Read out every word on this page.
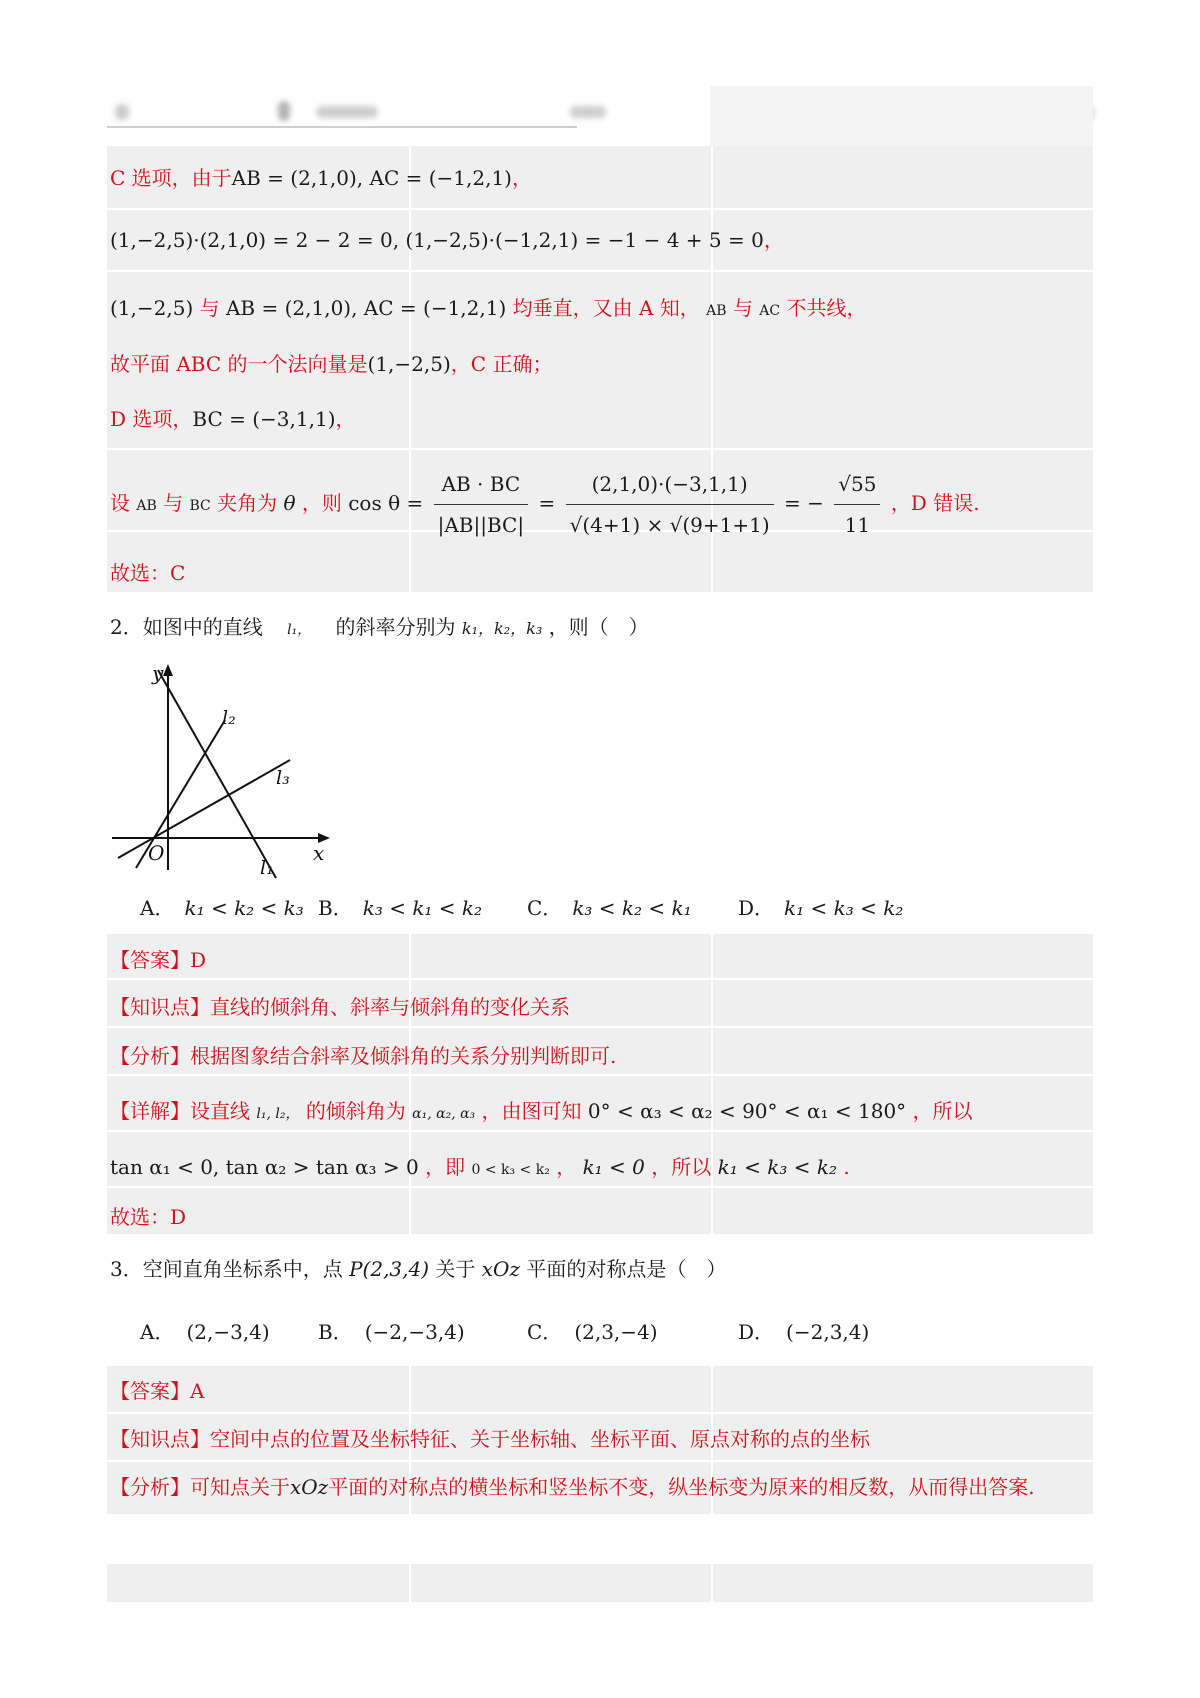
C 选项，由于AB = (2,1,0), AC = (−1,2,1)，
(1,−2,5)·(2,1,0) = 2 − 2 = 0, (1,−2,5)·(−1,2,1) = −1 − 4 + 5 = 0，
(1,−2,5) 与 AB = (2,1,0), AC = (−1,2,1) 均垂直，又由 A 知， AB 与 AC 不共线，
故平面 ABC 的一个法向量是(1,−2,5)，C 正确；
D 选项，BC = (−3,1,1)，
设 AB 与 BC 夹角为 θ ，则 $\cos \theta = \frac{AB \cdot BC}{|AB||BC|} = \frac{(2,1,0)\cdot(-3,1,1)}{√(4+1) \times √(9+1+1)}$ = − $\frac{√55}{11}$ ，D 错误.
故选：C
2．如图中的直线 l₁， 的斜率分别为 k₁，k₂，k₃ ，则（　）
y
x
O
l₁
l₂
l₃
A． k₁ < k₂ < k₃ B． k₃ < k₁ < k₂ C． k₃ < k₂ < k₁ D． k₁ < k₃ < k₂
【答案】D
【知识点】直线的倾斜角、斜率与倾斜角的变化关系
【分析】根据图象结合斜率及倾斜角的关系分别判断即可.
【详解】设直线 l₁, l₂， 的倾斜角为 α₁, α₂, α₃ ，由图可知 0° < α₃ < α₂ < 90° < α₁ < 180° ，所以
tan α₁ < 0, tan α₂ > tan α₃ > 0 ，即 0 < k₃ < k₂ ， k₁ < 0 ，所以 k₁ < k₃ < k₂ .
故选：D
3．空间直角坐标系中，点 P(2,3,4) 关于 xOz 平面的对称点是（　）
A． (2,−3,4) B． (−2,−3,4)	C． (2,3,−4)	D． (−2,3,4)
【答案】A
【知识点】空间中点的位置及坐标特征、关于坐标轴、坐标平面、原点对称的点的坐标
【分析】可知点关于xOz平面的对称点的横坐标和竖坐标不变，纵坐标变为原来的相反数，从而得出答案.
